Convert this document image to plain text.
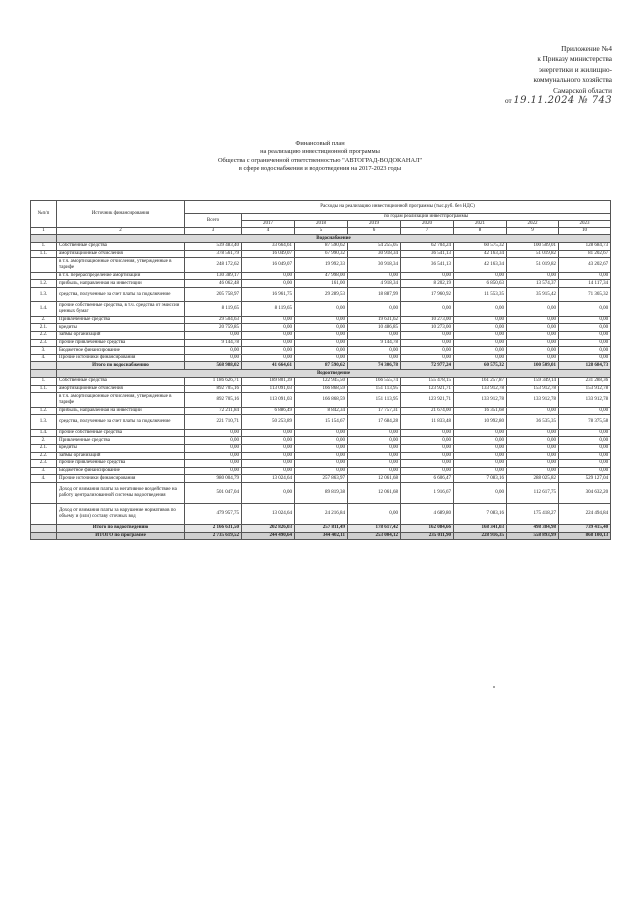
Приложение №4
к Приказу министерства
энергетики и жилищно-
коммунального хозяйства
Самарской области
от 19.11.2024 № 743
Финансовый план
на реализацию инвестиционной программы
Общества с ограниченной ответственностью "АВТОГРАД-ВОДОКАНАЛ"
в сфере водоснабжения и водоотведения на 2017-2023 годы
№п/п	Источник финансирования	Расходы на реализацию инвестиционной программы (тыс.руб. без НДС)							
		Всего	по годам реализации инвестпрограммы						
			2017	2018	2019	2020	2021	2022	2023
1	2	3	4	5	6	7	8	9	10
	Водоснабжение								
1.	Собственные средства	539 483,40	33 664,61	87 590,62	54 255,05	62 704,24	60 575,32	100 509,01	128 684,73
1.1.	амортизационные отчисления	378 561,79	16 049,07	67 990,32	30 918,34	36 541,13	42 163,34	51 019,82	81 202,67
	в т.ч. амортизационные отчисления, утвержденные в тарифе	248 172,62	16 049,07	19 992,33	30 918,34	36 541,13	42 163,34	51 019,82	43 202,67
	в т.ч. перераспределение амортизации	130 389,17	0,00	47 998,00	0,00	0,00	0,00	0,00	0,00
1.2.	прибыль, направленная на инвестиции	46 062,48	0,00	161,00	4 918,34	8 202,19	6 850,63	13 574,37	14 117,34
1.3.	средства, полученные за счет платы за подключение	205 758,97	16 961,75	29 289,53	18 887,99	17 960,92	11 553,35	35 915,42	71 365,32
1.4.	прочие собственные средства, в т.ч. средства от эмиссии ценных бумаг	8 119,65	8 119,65	0,00	0,00	0,00	0,00	0,00	0,00
2.	Привлеченные средства	29 504,63	0,00	0,00	19 631,62	10 273,00	0,00	0,00	0,00
2.1.	кредиты	20 759,85	0,00	0,00	10 486,85	10 273,00	0,00	0,00	0,00
2.2.	займы организаций	0,00	0,00	0,00	0,00	0,00	0,00	0,00	0,00
2.3.	прочие привлеченные средства	9 144,78	0,00	0,00	9 144,78	0,00	0,00	0,00	0,00
3.	Бюджетное финансирование	0,00	0,00	0,00	0,00	0,00	0,00	0,00	0,00
4.	Прочие источники финансирования	0,00	0,00	0,00	0,00	0,00	0,00	0,00	0,00
	Итого по водоснабжению	568 988,02	41 664,61	87 590,62	74 306,78	72 977,24	60 575,32	100 509,01	128 684,73
	Водоотведение								
1.	Собственные средства	1 186 626,71	189 801,39	122 945,50	166 555,74	155 478,15	161 257,87	159 349,14	231 288,36
1.1.	амортизационные отчисления	892 705,16	113 091,03	166 868,59	151 113,95	123 921,71	133 912,78	153 912,78	153 912,78
	в т.ч. амортизационные отчисления, утвержденные в тарифе	892 705,16	113 091,03	166 868,59	151 113,95	123 921,71	133 912,78	133 912,78	133 912,78
1.2.	прибыль, направленная на инвестиции	72 211,84	6 886,49	8 842,34	17 757,31	21 674,00	16 351,68	0,00	0,00
1.3.	средства, полученные за счет платы за подключение	221 710,71	50 253,89	15 154,67	17 684,28	11 833,48	10 992,80	36 535,35	78 375,58
1.4.	прочие собственные средства	0,00	0,00	0,00	0,00	0,00	0,00	0,00	0,00
2.	Привлеченные средства	0,00	0,00	0,00	0,00	0,00	0,00	0,00	0,00
2.1.	кредиты	0,00	0,00	0,00	0,00	0,00	0,00	0,00	0,00
2.2.	займы организаций	0,00	0,00	0,00	0,00	0,00	0,00	0,00	0,00
2.3.	прочие привлеченные средства	0,00	0,00	0,00	0,00	0,00	0,00	0,00	0,00
3.	Бюджетное финансирование	0,00	0,00	0,00	0,00	0,00	0,00	0,00	0,00
4.	Прочие источники финансирования	980 004,79	13 024,64	257 863,97	12 061,68	6 606,47	7 083,16	288 025,82	529 127,04
	Доход от взимания платы за негативное воздействие на работу централизованной системы водоотведения	501 047,04	0,00	89 819,38	12 061,68	1 916,67	0,00	112 617,75	304 632,20
	Доход от взимания платы за нарушение нормативов по объему и (или) составу сточных вод	479 957,75	13 024,64	24 216,84	0,00	4 689,80	7 083,16	175 418,27	224 494,84
	Итого по водоотведению	2 166 631,50	202 826,03	257 811,49	178 617,42	162 084,66	168 341,03	498 384,98	739 415,40
	ИТОГО по программе	2 735 619,52	244 490,64	344 402,11	253 004,12	235 011,90	228 916,35	558 893,99	868 100,13
